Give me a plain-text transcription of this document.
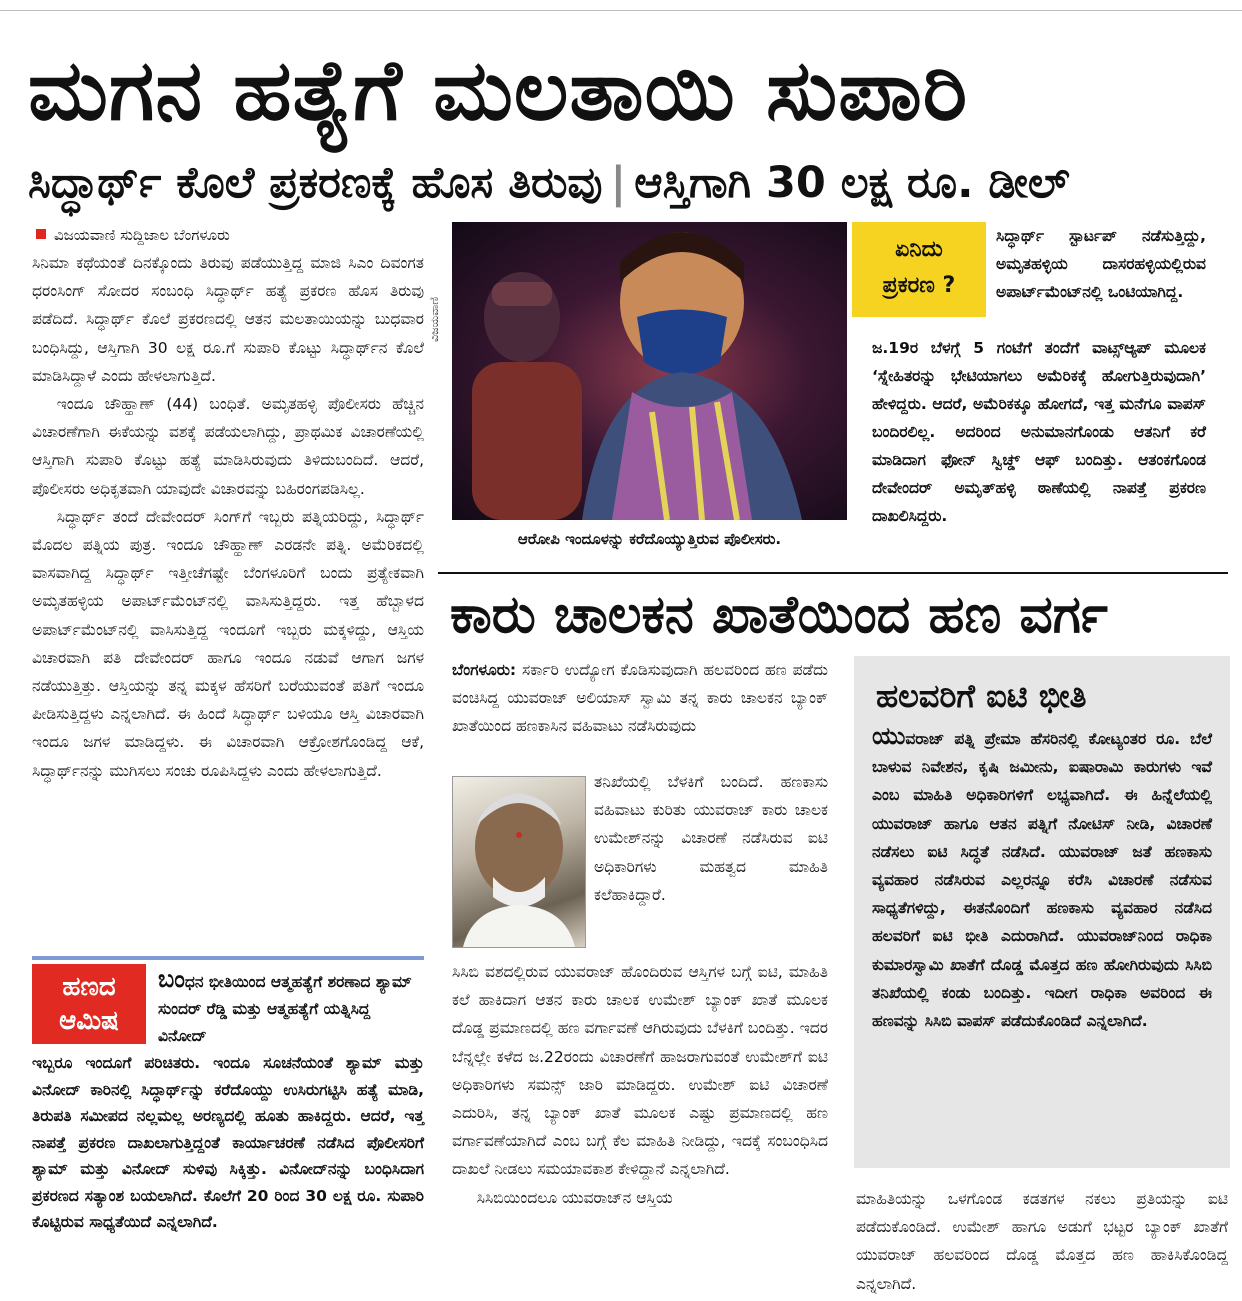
ಮಗನ ಹತ್ಯೆಗೆ ಮಲತಾಯಿ ಸುಪಾರಿ
ಸಿದ್ಧಾರ್ಥ್ ಕೊಲೆ ಪ್ರಕರಣಕ್ಕೆ ಹೊಸ ತಿರುವು | ಆಸ್ತಿಗಾಗಿ 30 ಲಕ್ಷ ರೂ. ಡೀಲ್
ವಿಜಯವಾಣಿ ಸುದ್ದಿಜಾಲ ಬೆಂಗಳೂರು

ಸಿನಿಮಾ ಕಥೆಯಂತೆ ದಿನಕ್ಕೊಂದು ತಿರುವು ಪಡೆಯುತ್ತಿದ್ದ ಮಾಜಿ ಸಿಎಂ ದಿವಂಗತ ಧರಂಸಿಂಗ್ ಸೋದರ ಸಂಬಂಧಿ ಸಿದ್ಧಾರ್ಥ್ ಹತ್ಯೆ ಪ್ರಕರಣ ಹೊಸ ತಿರುವು ಪಡೆದಿದೆ. ಸಿದ್ಧಾರ್ಥ್ ಕೊಲೆ ಪ್ರಕರಣದಲ್ಲಿ ಆತನ ಮಲತಾಯಿಯನ್ನು ಬುಧವಾರ ಬಂಧಿಸಿದ್ದು, ಆಸ್ತಿಗಾಗಿ 30 ಲಕ್ಷ ರೂ.ಗೆ ಸುಪಾರಿ ಕೊಟ್ಟು ಸಿದ್ಧಾರ್ಥ್‌ನ ಕೊಲೆ ಮಾಡಿಸಿದ್ದಾಳೆ ಎಂದು ಹೇಳಲಾಗುತ್ತಿದೆ.

ಇಂದೂ ಚೌಹ್ಹಾಣ್ (44) ಬಂಧಿತೆ. ಅಮೃತಹಳ್ಳಿ ಪೊಲೀಸರು ಹೆಚ್ಚಿನ ವಿಚಾರಣೆಗಾಗಿ ಈಕೆಯನ್ನು ವಶಕ್ಕೆ ಪಡೆಯಲಾಗಿದ್ದು, ಪ್ರಾಥಮಿಕ ವಿಚಾರಣೆಯಲ್ಲಿ ಆಸ್ತಿಗಾಗಿ ಸುಪಾರಿ ಕೊಟ್ಟು ಹತ್ಯೆ ಮಾಡಿಸಿರುವುದು ತಿಳಿದುಬಂದಿದೆ. ಆದರೆ, ಪೊಲೀಸರು ಅಧಿಕೃತವಾಗಿ ಯಾವುದೇ ವಿಚಾರವನ್ನು ಬಹಿರಂಗಪಡಿಸಿಲ್ಲ.

ಸಿದ್ಧಾರ್ಥ್ ತಂದೆ ದೇವೇಂದರ್ ಸಿಂಗ್‌ಗೆ ಇಬ್ಬರು ಪತ್ನಿಯರಿದ್ದು, ಸಿದ್ಧಾರ್ಥ್ ಮೊದಲ ಪತ್ನಿಯ ಪುತ್ರ. ಇಂದೂ ಚೌಹ್ಹಾಣ್ ಎರಡನೇ ಪತ್ನಿ. ಅಮೆರಿಕದಲ್ಲಿ ವಾಸವಾಗಿದ್ದ ಸಿದ್ಧಾರ್ಥ್ ಇತ್ತೀಚೆಗಷ್ಟೇ ಬೆಂಗಳೂರಿಗೆ ಬಂದು ಪ್ರತ್ಯೇಕವಾಗಿ ಅಮೃತಹಳ್ಳಿಯ ಅಪಾರ್ಟ್‌ಮೆಂಟ್‌ನಲ್ಲಿ ವಾಸಿಸುತ್ತಿದ್ದರು. ಇತ್ತ ಹೆಬ್ಬಾಳದ ಅಪಾರ್ಟ್‌ಮೆಂಟ್‌ನಲ್ಲಿ ವಾಸಿಸುತ್ತಿದ್ದ ಇಂದೂಗೆ ಇಬ್ಬರು ಮಕ್ಕಳಿದ್ದು, ಆಸ್ತಿಯ ವಿಚಾರವಾಗಿ ಪತಿ ದೇವೇಂದರ್ ಹಾಗೂ ಇಂದೂ ನಡುವೆ ಆಗಾಗ ಜಗಳ ನಡೆಯುತ್ತಿತ್ತು. ಆಸ್ತಿಯನ್ನು ತನ್ನ ಮಕ್ಕಳ ಹೆಸರಿಗೆ ಬರೆಯುವಂತೆ ಪತಿಗೆ ಇಂದೂ ಪೀಡಿಸುತ್ತಿದ್ದಳು ಎನ್ನಲಾಗಿದೆ. ಈ ಹಿಂದೆ ಸಿದ್ಧಾರ್ಥ್ ಬಳಿಯೂ ಆಸ್ತಿ ವಿಚಾರವಾಗಿ ಇಂದೂ ಜಗಳ ಮಾಡಿದ್ದಳು. ಈ ವಿಚಾರವಾಗಿ ಆಕ್ರೋಶಗೊಂಡಿದ್ದ ಆಕೆ, ಸಿದ್ಧಾರ್ಥ್‌ನನ್ನು ಮುಗಿಸಲು ಸಂಚು ರೂಪಿಸಿದ್ದಳು ಎಂದು ಹೇಳಲಾಗುತ್ತಿದೆ.

ವಿಜಯವಾಣಿ
ಆರೋಪಿ ಇಂದೂಳನ್ನು ಕರೆದೊಯ್ಯುತ್ತಿರುವ ಪೊಲೀಸರು.
ಏನಿದು
ಪ್ರಕರಣ ?
ಸಿದ್ಧಾರ್ಥ್ ಸ್ಟಾರ್ಟಪ್ ನಡೆಸುತ್ತಿದ್ದು, ಅಮೃತಹಳ್ಳಿಯ ದಾಸರಹಳ್ಳಿಯಲ್ಲಿರುವ ಅಪಾರ್ಟ್‌ಮೆಂಟ್‌ನಲ್ಲಿ ಒಂಟಿಯಾಗಿದ್ದ.
ಜ.19ರ ಬೆಳಗ್ಗೆ 5 ಗಂಟೆಗೆ ತಂದೆಗೆ ವಾಟ್ಸ್‌ಆ್ಯಪ್ ಮೂಲಕ ‘ಸ್ನೇಹಿತರನ್ನು ಭೇಟಿಯಾಗಲು ಅಮೆರಿಕಕ್ಕೆ ಹೋಗುತ್ತಿರುವುದಾಗಿ’ ಹೇಳಿದ್ದರು. ಆದರೆ, ಅಮೆರಿಕಕ್ಕೂ ಹೋಗದೆ, ಇತ್ತ ಮನೆಗೂ ವಾಪಸ್ ಬಂದಿರಲಿಲ್ಲ. ಅದರಿಂದ ಅನುಮಾನಗೊಂಡು ಆತನಿಗೆ ಕರೆ ಮಾಡಿದಾಗ ಫೋನ್ ಸ್ವಿಚ್ಡ್ ಆಫ್ ಬಂದಿತ್ತು. ಆತಂಕಗೊಂಡ ದೇವೇಂದರ್ ಅಮೃತ್‌ಹಳ್ಳಿ ಠಾಣೆಯಲ್ಲಿ ನಾಪತ್ತೆ ಪ್ರಕರಣ ದಾಖಲಿಸಿದ್ದರು.
ಕಾರು ಚಾಲಕನ ಖಾತೆಯಿಂದ ಹಣ ವರ್ಗ
ಬೆಂಗಳೂರು: ಸರ್ಕಾರಿ ಉದ್ಯೋಗ ಕೊಡಿಸುವುದಾಗಿ ಹಲವರಿಂದ ಹಣ ಪಡೆದು ವಂಚಿಸಿದ್ದ ಯುವರಾಜ್ ಅಲಿಯಾಸ್ ಸ್ವಾಮಿ ತನ್ನ ಕಾರು ಚಾಲಕನ ಬ್ಯಾಂಕ್ ಖಾತೆಯಿಂದ ಹಣಕಾಸಿನ ವಹಿವಾಟು ನಡೆಸಿರುವುದು
ತನಿಖೆಯಲ್ಲಿ ಬೆಳಕಿಗೆ ಬಂದಿದೆ. ಹಣಕಾಸು ವಹಿವಾಟು ಕುರಿತು ಯುವರಾಜ್ ಕಾರು ಚಾಲಕ ಉಮೇಶ್‌ನನ್ನು ವಿಚಾರಣೆ ನಡೆಸಿರುವ ಐಟಿ ಅಧಿಕಾರಿಗಳು ಮಹತ್ವದ ಮಾಹಿತಿ ಕಲೆಹಾಕಿದ್ದಾರೆ.

ಸಿಸಿಬಿ ವಶದಲ್ಲಿರುವ ಯುವರಾಜ್ ಹೊಂದಿರುವ ಆಸ್ತಿಗಳ ಬಗ್ಗೆ ಐಟಿ, ಮಾಹಿತಿ ಕಲೆ ಹಾಕಿದಾಗ ಆತನ ಕಾರು ಚಾಲಕ ಉಮೇಶ್ ಬ್ಯಾಂಕ್ ಖಾತೆ ಮೂಲಕ ದೊಡ್ಡ ಪ್ರಮಾಣದಲ್ಲಿ ಹಣ ವರ್ಗಾವಣೆ ಆಗಿರುವುದು ಬೆಳಕಿಗೆ ಬಂದಿತ್ತು. ಇದರ ಬೆನ್ನಲ್ಲೇ ಕಳೆದ ಜ.22ರಂದು ವಿಚಾರಣೆಗೆ ಹಾಜರಾಗುವಂತೆ ಉಮೇಶ್‌ಗೆ ಐಟಿ ಅಧಿಕಾರಿಗಳು ಸಮನ್ಸ್ ಜಾರಿ ಮಾಡಿದ್ದರು. ಉಮೇಶ್ ಐಟಿ ವಿಚಾರಣೆ ಎದುರಿಸಿ, ತನ್ನ ಬ್ಯಾಂಕ್ ಖಾತೆ ಮೂಲಕ ಎಷ್ಟು ಪ್ರಮಾಣದಲ್ಲಿ ಹಣ ವರ್ಗಾವಣೆಯಾಗಿದೆ ಎಂಬ ಬಗ್ಗೆ ಕೆಲ ಮಾಹಿತಿ ನೀಡಿದ್ದು, ಇದಕ್ಕೆ ಸಂಬಂಧಿಸಿದ ದಾಖಲೆ ನೀಡಲು ಸಮಯಾವಕಾಶ ಕೇಳಿದ್ದಾನೆ ಎನ್ನಲಾಗಿದೆ.

ಸಿಸಿಬಿಯಿಂದಲೂ ಯುವರಾಜ್‌ನ ಆಸ್ತಿಯ

ಹಲವರಿಗೆ ಐಟಿ ಭೀತಿ
ಯುವರಾಜ್ ಪತ್ನಿ ಪ್ರೇಮಾ ಹೆಸರಿನಲ್ಲಿ ಕೋಟ್ಯಂತರ ರೂ. ಬೆಲೆ ಬಾಳುವ ನಿವೇಶನ, ಕೃಷಿ ಜಮೀನು, ಐಷಾರಾಮಿ ಕಾರುಗಳು ಇವೆ ಎಂಬ ಮಾಹಿತಿ ಅಧಿಕಾರಿಗಳಿಗೆ ಲಭ್ಯವಾಗಿದೆ. ಈ ಹಿನ್ನೆಲೆಯಲ್ಲಿ ಯುವರಾಜ್ ಹಾಗೂ ಆತನ ಪತ್ನಿಗೆ ನೋಟಿಸ್ ನೀಡಿ, ವಿಚಾರಣೆ ನಡೆಸಲು ಐಟಿ ಸಿದ್ಧತೆ ನಡೆಸಿದೆ. ಯುವರಾಜ್ ಜತೆ ಹಣಕಾಸು ವ್ಯವಹಾರ ನಡೆಸಿರುವ ಎಲ್ಲರನ್ನೂ ಕರೆಸಿ ವಿಚಾರಣೆ ನಡೆಸುವ ಸಾಧ್ಯತೆಗಳಿದ್ದು, ಈತನೊಂದಿಗೆ ಹಣಕಾಸು ವ್ಯವಹಾರ ನಡೆಸಿದ ಹಲವರಿಗೆ ಐಟಿ ಭೀತಿ ಎದುರಾಗಿದೆ. ಯುವರಾಜ್‌ನಿಂದ ರಾಧಿಕಾ ಕುಮಾರಸ್ವಾಮಿ ಖಾತೆಗೆ ದೊಡ್ಡ ಮೊತ್ತದ ಹಣ ಹೋಗಿರುವುದು ಸಿಸಿಬಿ ತನಿಖೆಯಲ್ಲಿ ಕಂಡು ಬಂದಿತ್ತು. ಇದೀಗ ರಾಧಿಕಾ ಅವರಿಂದ ಈ ಹಣವನ್ನು ಸಿಸಿಬಿ ವಾಪಸ್ ಪಡೆದುಕೊಂಡಿದೆ ಎನ್ನಲಾಗಿದೆ.
ಮಾಹಿತಿಯನ್ನು ಒಳಗೊಂಡ ಕಡತಗಳ ನಕಲು ಪ್ರತಿಯನ್ನು ಐಟಿ ಪಡೆದುಕೊಂಡಿದೆ. ಉಮೇಶ್ ಹಾಗೂ ಅಡುಗೆ ಭಟ್ಟರ ಬ್ಯಾಂಕ್ ಖಾತೆಗೆ ಯುವರಾಜ್ ಹಲವರಿಂದ ದೊಡ್ಡ ಮೊತ್ತದ ಹಣ ಹಾಕಿಸಿಕೊಂಡಿದ್ದ ಎನ್ನಲಾಗಿದೆ.
ಹಣದ
ಆಮಿಷ
ಬಂಧನ ಭೀತಿಯಿಂದ ಆತ್ಮಹತ್ಯೆಗೆ ಶರಣಾದ ಶ್ಯಾಮ್ ಸುಂದರ್ ರೆಡ್ಡಿ ಮತ್ತು ಆತ್ಮಹತ್ಯೆಗೆ ಯತ್ನಿಸಿದ್ದ ವಿನೋದ್
ಇಬ್ಬರೂ ಇಂದೂಗೆ ಪರಿಚಿತರು. ಇಂದೂ ಸೂಚನೆಯಂತೆ ಶ್ಯಾಮ್ ಮತ್ತು ವಿನೋದ್ ಕಾರಿನಲ್ಲಿ ಸಿದ್ಧಾರ್ಥ್‌ನ್ನು ಕರೆದೊಯ್ದು ಉಸಿರುಗಟ್ಟಿಸಿ ಹತ್ಯೆ ಮಾಡಿ, ತಿರುಪತಿ ಸಮೀಪದ ನಲ್ಲಮಲ್ಲ ಅರಣ್ಯದಲ್ಲಿ ಹೂತು ಹಾಕಿದ್ದರು. ಆದರೆ, ಇತ್ತ ನಾಪತ್ತೆ ಪ್ರಕರಣ ದಾಖಲಾಗುತ್ತಿದ್ದಂತೆ ಕಾರ್ಯಾಚರಣೆ ನಡೆಸಿದ ಪೊಲೀಸರಿಗೆ ಶ್ಯಾಮ್ ಮತ್ತು ವಿನೋದ್ ಸುಳಿವು ಸಿಕ್ಕಿತ್ತು. ವಿನೋದ್‌ನನ್ನು ಬಂಧಿಸಿದಾಗ ಪ್ರಕರಣದ ಸತ್ಯಾಂಶ ಬಯಲಾಗಿದೆ. ಕೊಲೆಗೆ 20 ರಿಂದ 30 ಲಕ್ಷ ರೂ. ಸುಪಾರಿ ಕೊಟ್ಟಿರುವ ಸಾಧ್ಯತೆಯಿದೆ ಎನ್ನಲಾಗಿದೆ.
